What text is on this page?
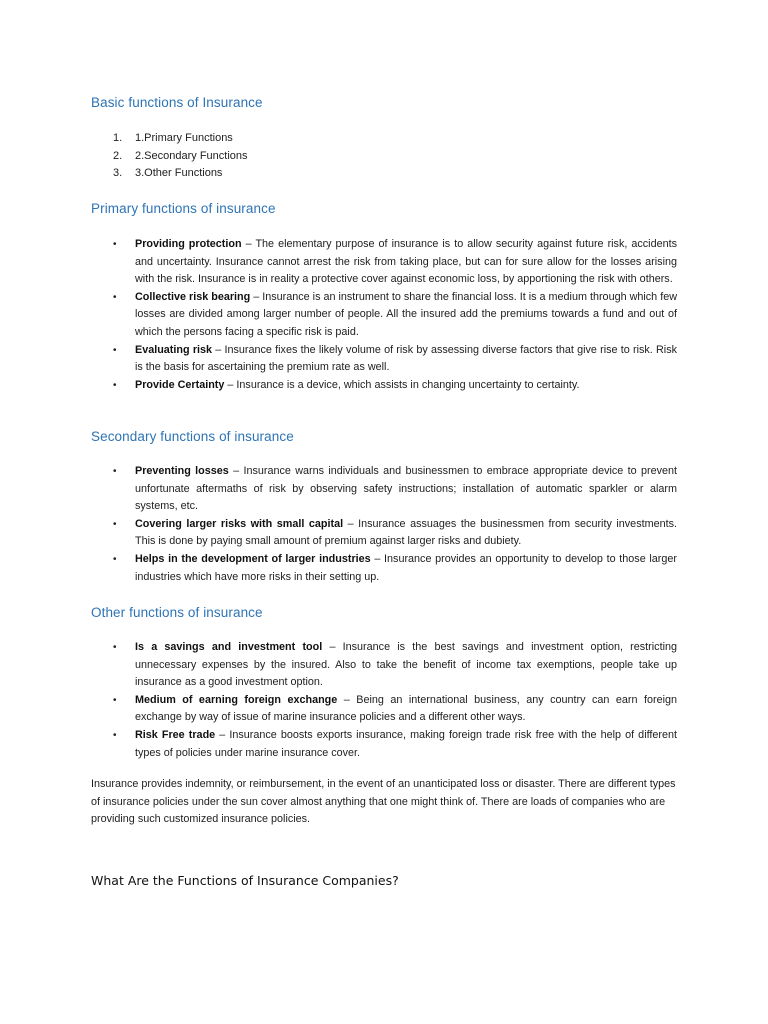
Basic functions of Insurance
1. 1.Primary Functions
2. 2.Secondary Functions
3. 3.Other Functions
Primary functions of insurance
• Providing protection – The elementary purpose of insurance is to allow security against future risk, accidents and uncertainty. Insurance cannot arrest the risk from taking place, but can for sure allow for the losses arising with the risk. Insurance is in reality a protective cover against economic loss, by apportioning the risk with others.
• Collective risk bearing – Insurance is an instrument to share the financial loss. It is a medium through which few losses are divided among larger number of people. All the insured add the premiums towards a fund and out of which the persons facing a specific risk is paid.
• Evaluating risk – Insurance fixes the likely volume of risk by assessing diverse factors that give rise to risk. Risk is the basis for ascertaining the premium rate as well.
• Provide Certainty – Insurance is a device, which assists in changing uncertainty to certainty.
Secondary functions of insurance
• Preventing losses – Insurance warns individuals and businessmen to embrace appropriate device to prevent unfortunate aftermaths of risk by observing safety instructions; installation of automatic sparkler or alarm systems, etc.
• Covering larger risks with small capital – Insurance assuages the businessmen from security investments. This is done by paying small amount of premium against larger risks and dubiety.
• Helps in the development of larger industries – Insurance provides an opportunity to develop to those larger industries which have more risks in their setting up.
Other functions of insurance
• Is a savings and investment tool – Insurance is the best savings and investment option, restricting unnecessary expenses by the insured. Also to take the benefit of income tax exemptions, people take up insurance as a good investment option.
• Medium of earning foreign exchange – Being an international business, any country can earn foreign exchange by way of issue of marine insurance policies and a different other ways.
• Risk Free trade – Insurance boosts exports insurance, making foreign trade risk free with the help of different types of policies under marine insurance cover.

Insurance provides indemnity, or reimbursement, in the event of an unanticipated loss or disaster. There are different types of insurance policies under the sun cover almost anything that one might think of. There are loads of companies who are providing such customized insurance policies.

What Are the Functions of Insurance Companies?
